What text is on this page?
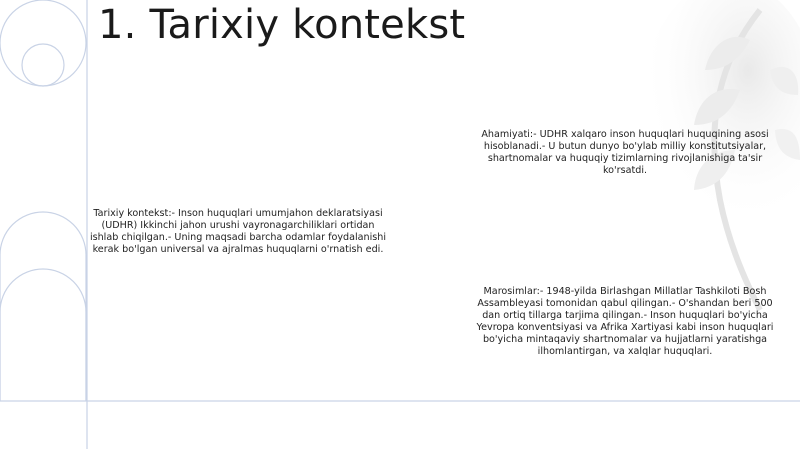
1. Tarixiy kontekst
Tarixiy kontekst:- Inson huquqlari umumjahon deklaratsiyasi (UDHR) Ikkinchi jahon urushi vayronagarchiliklari ortidan ishlab chiqilgan.- Uning maqsadi barcha odamlar foydalanishi kerak bo'lgan universal va ajralmas huquqlarni o'rnatish edi.
Ahamiyati:- UDHR xalqaro inson huquqlari huquqining asosi hisoblanadi.- U butun dunyo bo'ylab milliy konstitutsiyalar, shartnomalar va huquqiy tizimlarning rivojlanishiga ta'sir ko'rsatdi.
Marosimlar:- 1948-yilda Birlashgan Millatlar Tashkiloti Bosh Assambleyasi tomonidan qabul qilingan.- O'shandan beri 500 dan ortiq tillarga tarjima qilingan.- Inson huquqlari bo'yicha Yevropa konventsiyasi va Afrika Xartiyasi kabi inson huquqlari bo'yicha mintaqaviy shartnomalar va hujjatlarni yaratishga ilhomlantirgan, va xalqlar huquqlari.
